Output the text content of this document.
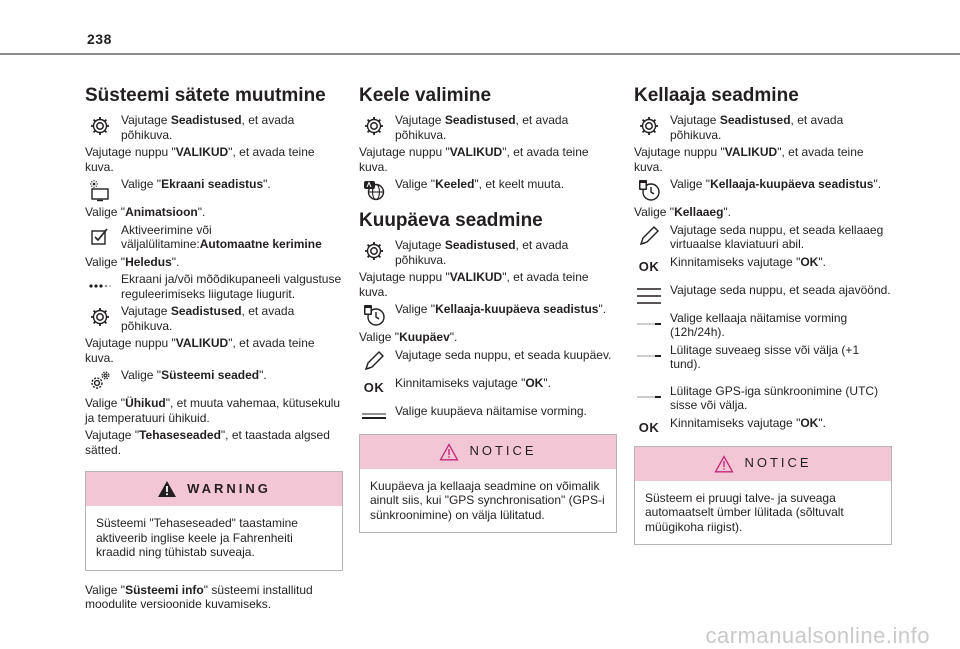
238
Süsteemi sätete muutmine
Vajutage Seadistused, et avada põhikuva.

Vajutage nuppu "VALIKUD", et avada teine kuva.

Valige "Ekraani seadistus".

Valige "Animatsioon".

Aktiveerimine või väljalülitamine:Automaatne kerimine

Valige "Heledus".

Ekraani ja/või mõõdikupaneeli valgustuse reguleerimiseks liigutage liugurit.
Vajutage Seadistused, et avada põhikuva.

Vajutage nuppu "VALIKUD", et avada teine kuva.

Valige "Süsteemi seaded".

Valige "Ühikud", et muuta vahemaa, kütusekulu ja temperatuuri ühikuid.

Vajutage "Tehaseseaded", et taastada algsed sätted.

WARNING
Süsteemi "Tehaseseaded" taastamine aktiveerib inglise keele ja Fahrenheiti kraadid ning tühistab suveaja.

Valige "Süsteemi info" süsteemi installitud moodulite versioonide kuvamiseks.

Keele valimine
Vajutage Seadistused, et avada põhikuva.

Vajutage nuppu "VALIKUD", et avada teine kuva.

Valige "Keeled", et keelt muuta.
Kuupäeva seadmine
Vajutage Seadistused, et avada põhikuva.

Vajutage nuppu "VALIKUD", et avada teine kuva.

Valige "Kellaaja-kuupäeva seadistus".

Valige "Kuupäev".

Vajutage seda nuppu, et seada kuupäev.
OK Kinnitamiseks vajutage "OK".
Valige kuupäeva näitamise vorming.
NOTICE
Kuupäeva ja kellaaja seadmine on võimalik ainult siis, kui "GPS synchronisation" (GPS-i sünkroonimine) on välja lülitatud.
Kellaaja seadmine
Vajutage Seadistused, et avada põhikuva.

Vajutage nuppu "VALIKUD", et avada teine kuva.

Valige "Kellaaja-kuupäeva seadistus".

Valige "Kellaaeg".

Vajutage seda nuppu, et seada kellaaeg virtuaalse klaviatuuri abil.
OK Kinnitamiseks vajutage "OK".
Vajutage seda nuppu, et seada ajavöönd.
Valige kellaaja näitamise vorming (12h/24h).
Lülitage suveaeg sisse või välja (+1 tund).
Lülitage GPS-iga sünkroonimine (UTC) sisse või välja.
OK Kinnitamiseks vajutage "OK".
NOTICE
Süsteem ei pruugi talve- ja suveaga automaatselt ümber lülitada (sõltuvalt müügikoha riigist).
carmanualsonline.info
